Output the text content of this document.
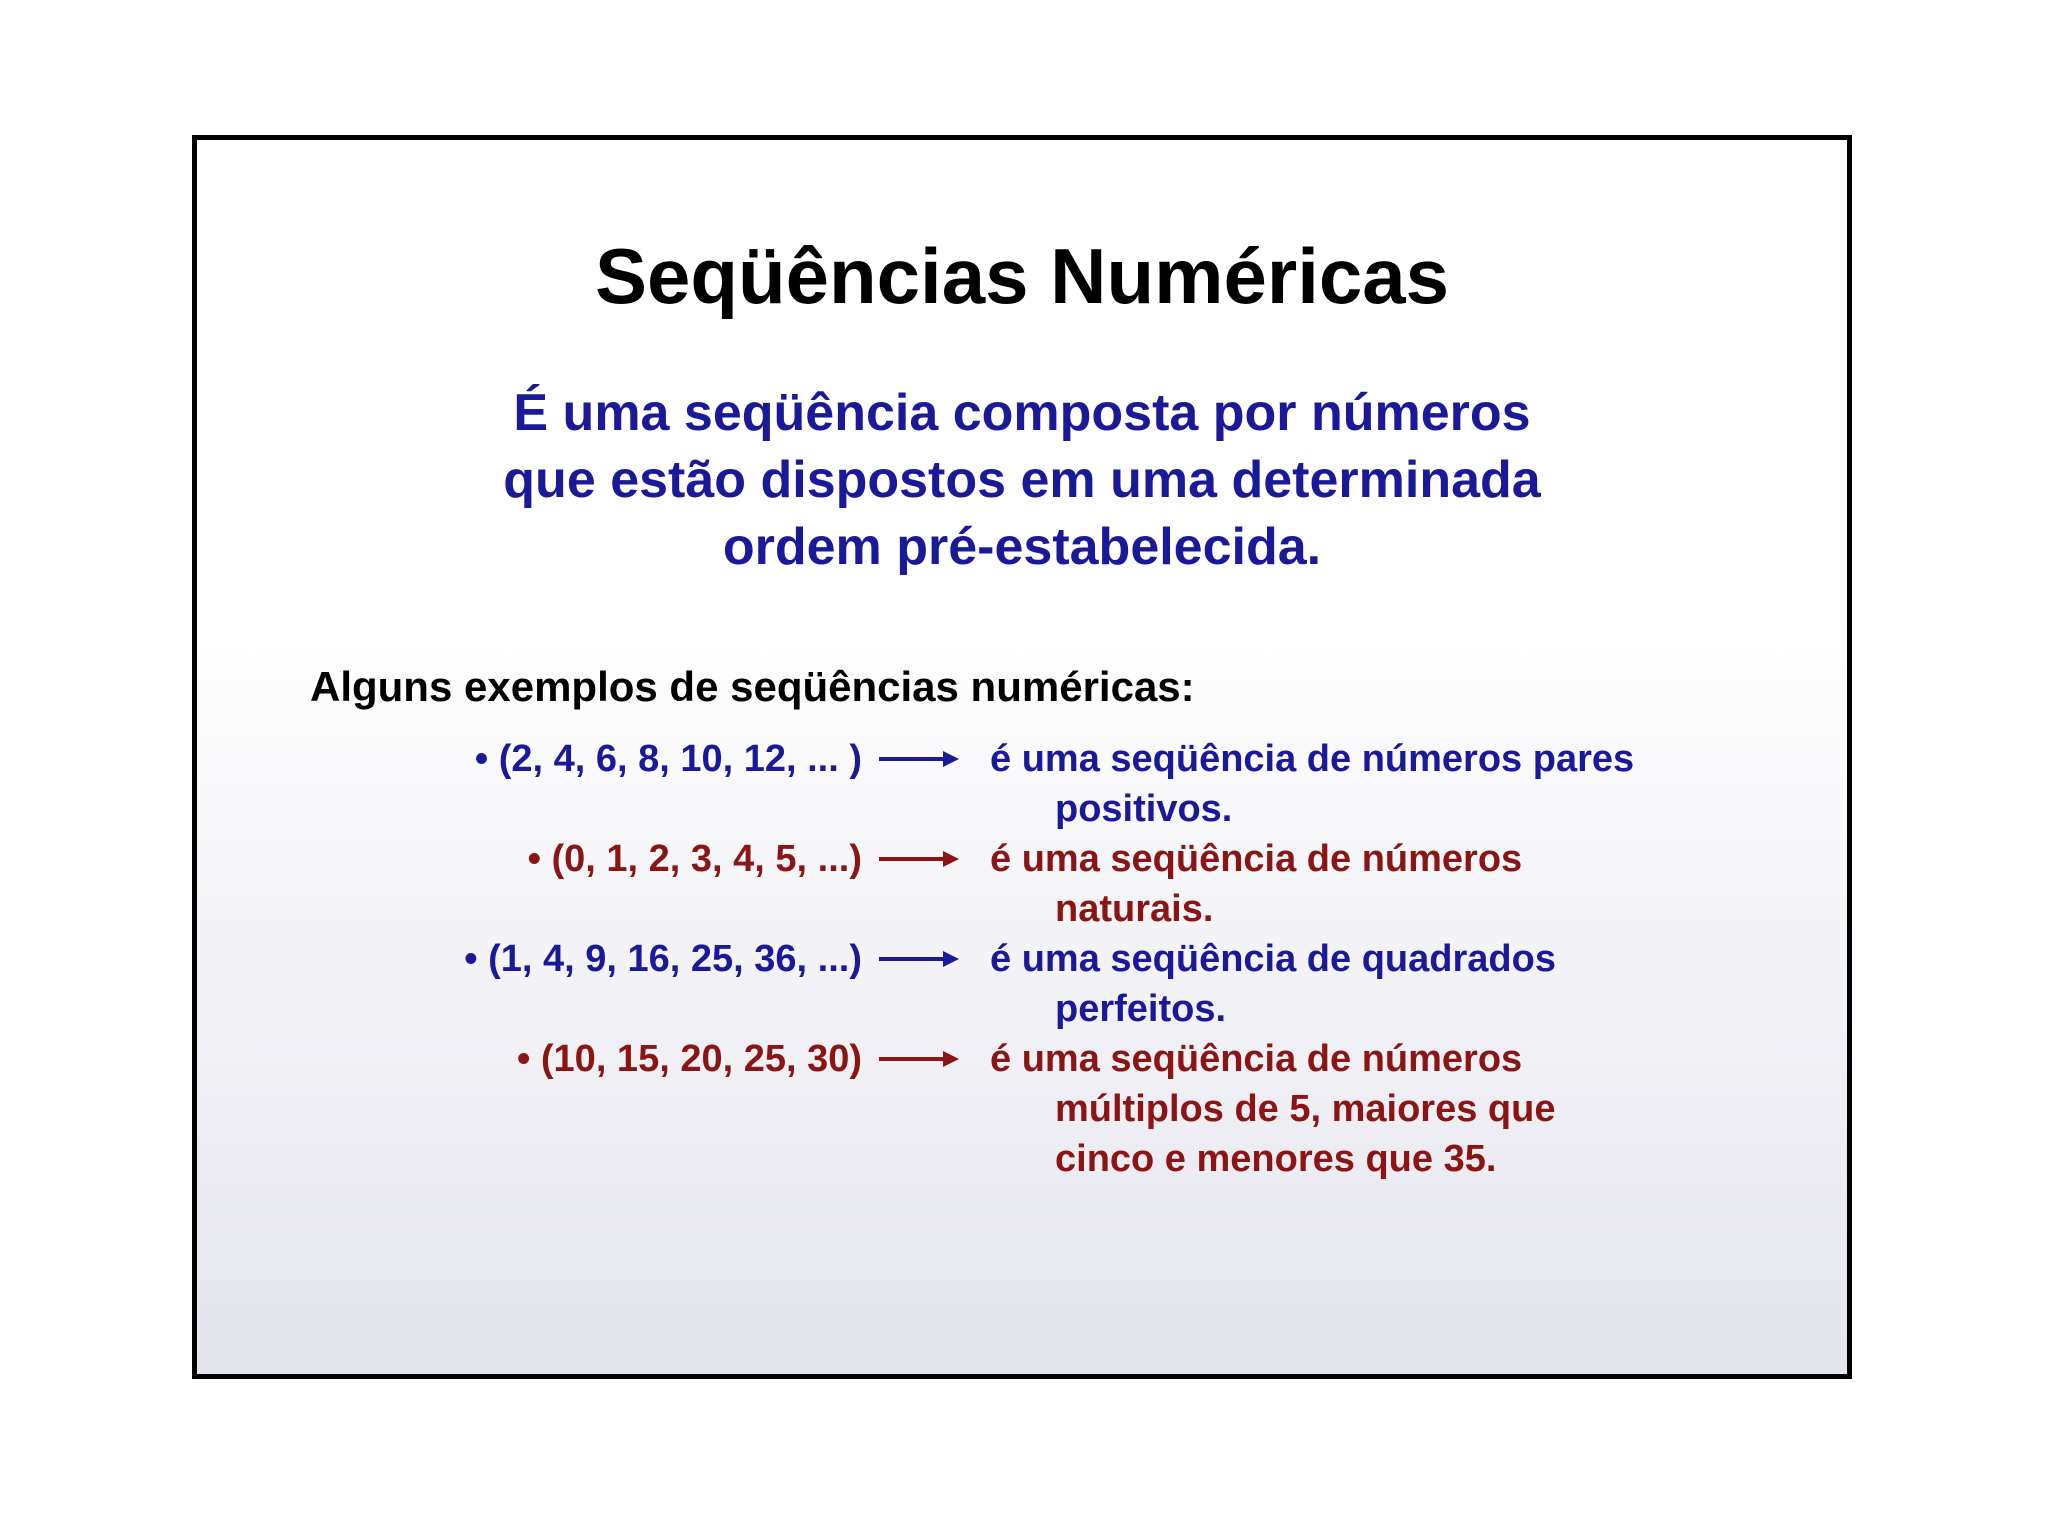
Seqüências Numéricas
É uma seqüência composta por números
que estão dispostos em uma determinada
ordem pré-estabelecida.
Alguns exemplos de seqüências numéricas:
• (2, 4, 6, 8, 10, 12, ... )	é uma seqüência de números pares
positivos.
• (0, 1, 2, 3, 4, 5, ...)	é uma seqüência de números
naturais.
• (1, 4, 9, 16, 25, 36, ...)	é uma seqüência de quadrados
perfeitos.
• (10, 15, 20, 25, 30)	é uma seqüência de números
múltiplos de 5, maiores que
cinco e menores que 35.
